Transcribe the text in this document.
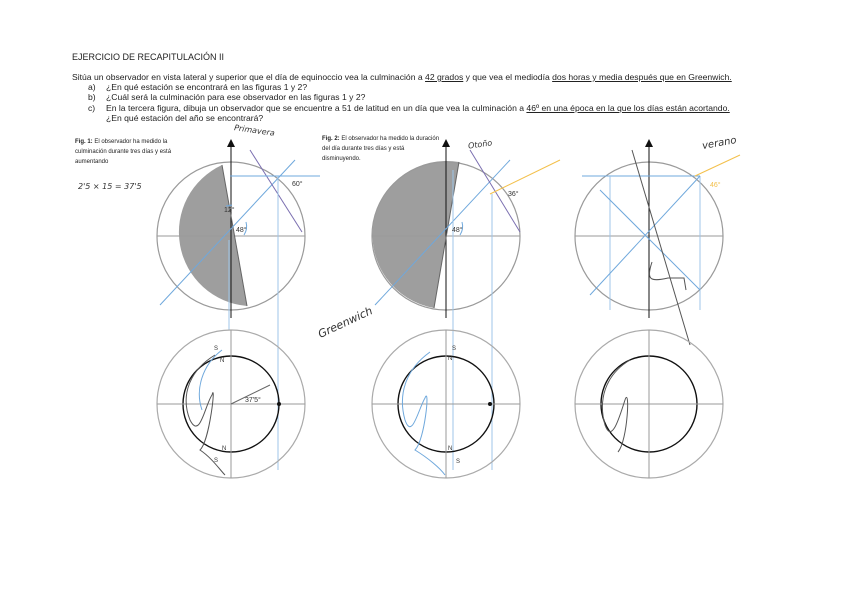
EJERCICIO DE RECAPITULACIÓN II
Sitúa un observador en vista lateral y superior que el día de equinoccio vea la culminación a 42 grados y que vea el mediodía dos horas y media después que en Greenwich.
a) ¿En qué estación se encontrará en las figuras 1 y 2?
b) ¿Cuál será la culminación para ese observador en las figuras 1 y 2?
c) En la tercera figura, dibuja un observador que se encuentre a 51 de latitud en un día que vea la culminación a 46º en una época en la que los días están acortando.
¿En qué estación del año se encontrará?
60°
12°
48°
36°
48°
46°
37'5°
S
N
S
N
S
N
N
S
Fig. 1: El observador ha medido la culminación durante tres días y está aumentando
Fig. 2: El observador ha medido la duración del día durante tres días y está disminuyendo.
Primavera
Otoño	verano
2'5 × 15 = 37'5
Greenwich
